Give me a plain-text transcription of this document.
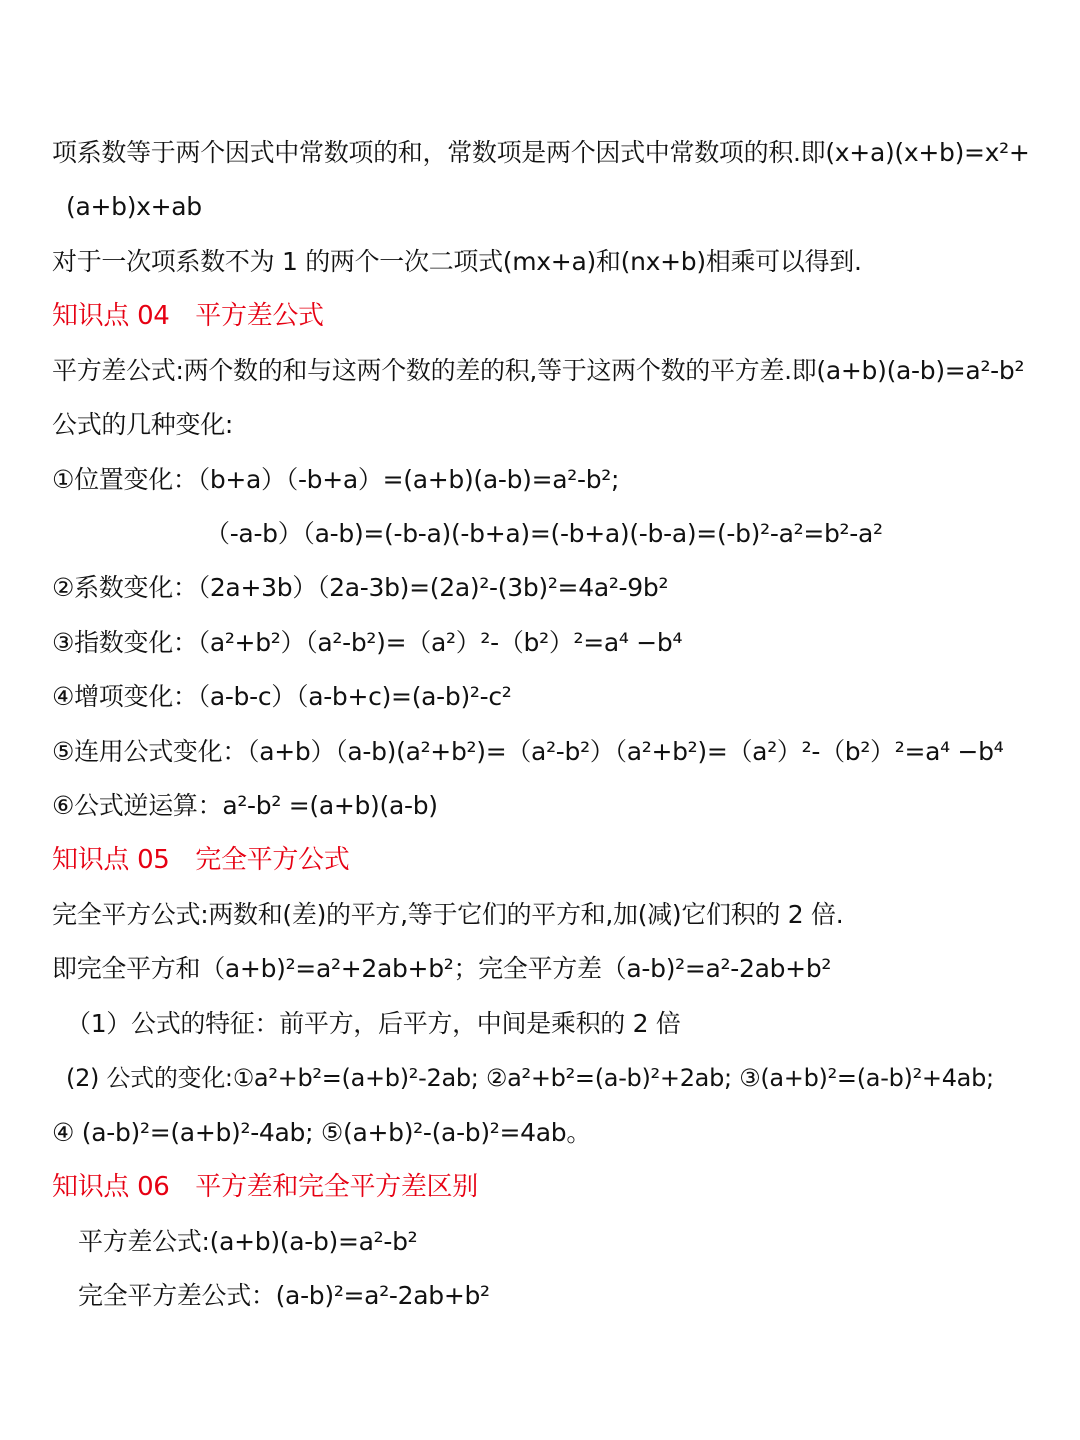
项系数等于两个因式中常数项的和，常数项是两个因式中常数项的积.即(x+a)(x+b)=x²+
(a+b)x+ab
对于一次项系数不为 1 的两个一次二项式(mx+a)和(nx+b)相乘可以得到.
知识点 04　平方差公式
平方差公式:两个数的和与这两个数的差的积,等于这两个数的平方差.即(a+b)(a-b)=a²-b²
公式的几种变化:
①位置变化：（b+a）（-b+a）=(a+b)(a-b)=a²-b²;
（-a-b）（a-b)=(-b-a)(-b+a)=(-b+a)(-b-a)=(-b)²-a²=b²-a²
②系数变化：（2a+3b）（2a-3b)=(2a)²-(3b)²=4a²-9b²
③指数变化：（a²+b²）（a²-b²)=（a²）²-（b²）²=a⁴ −b⁴
④增项变化：（a-b-c）（a-b+c)=(a-b)²-c²
⑤连用公式变化：（a+b）（a-b)(a²+b²)=（a²-b²）（a²+b²)=（a²）²-（b²）²=a⁴ −b⁴
⑥公式逆运算：a²-b² =(a+b)(a-b)
知识点 05　完全平方公式
完全平方公式:两数和(差)的平方,等于它们的平方和,加(减)它们积的 2 倍.
即完全平方和（a+b)²=a²+2ab+b²；完全平方差（a-b)²=a²-2ab+b²
（1）公式的特征：前平方，后平方，中间是乘积的 2 倍
(2) 公式的变化:①a²+b²=(a+b)²-2ab; ②a²+b²=(a-b)²+2ab; ③(a+b)²=(a-b)²+4ab;
④ (a-b)²=(a+b)²-4ab; ⑤(a+b)²-(a-b)²=4ab。
知识点 06　平方差和完全平方差区别
平方差公式:(a+b)(a-b)=a²-b²
完全平方差公式：(a-b)²=a²-2ab+b²
